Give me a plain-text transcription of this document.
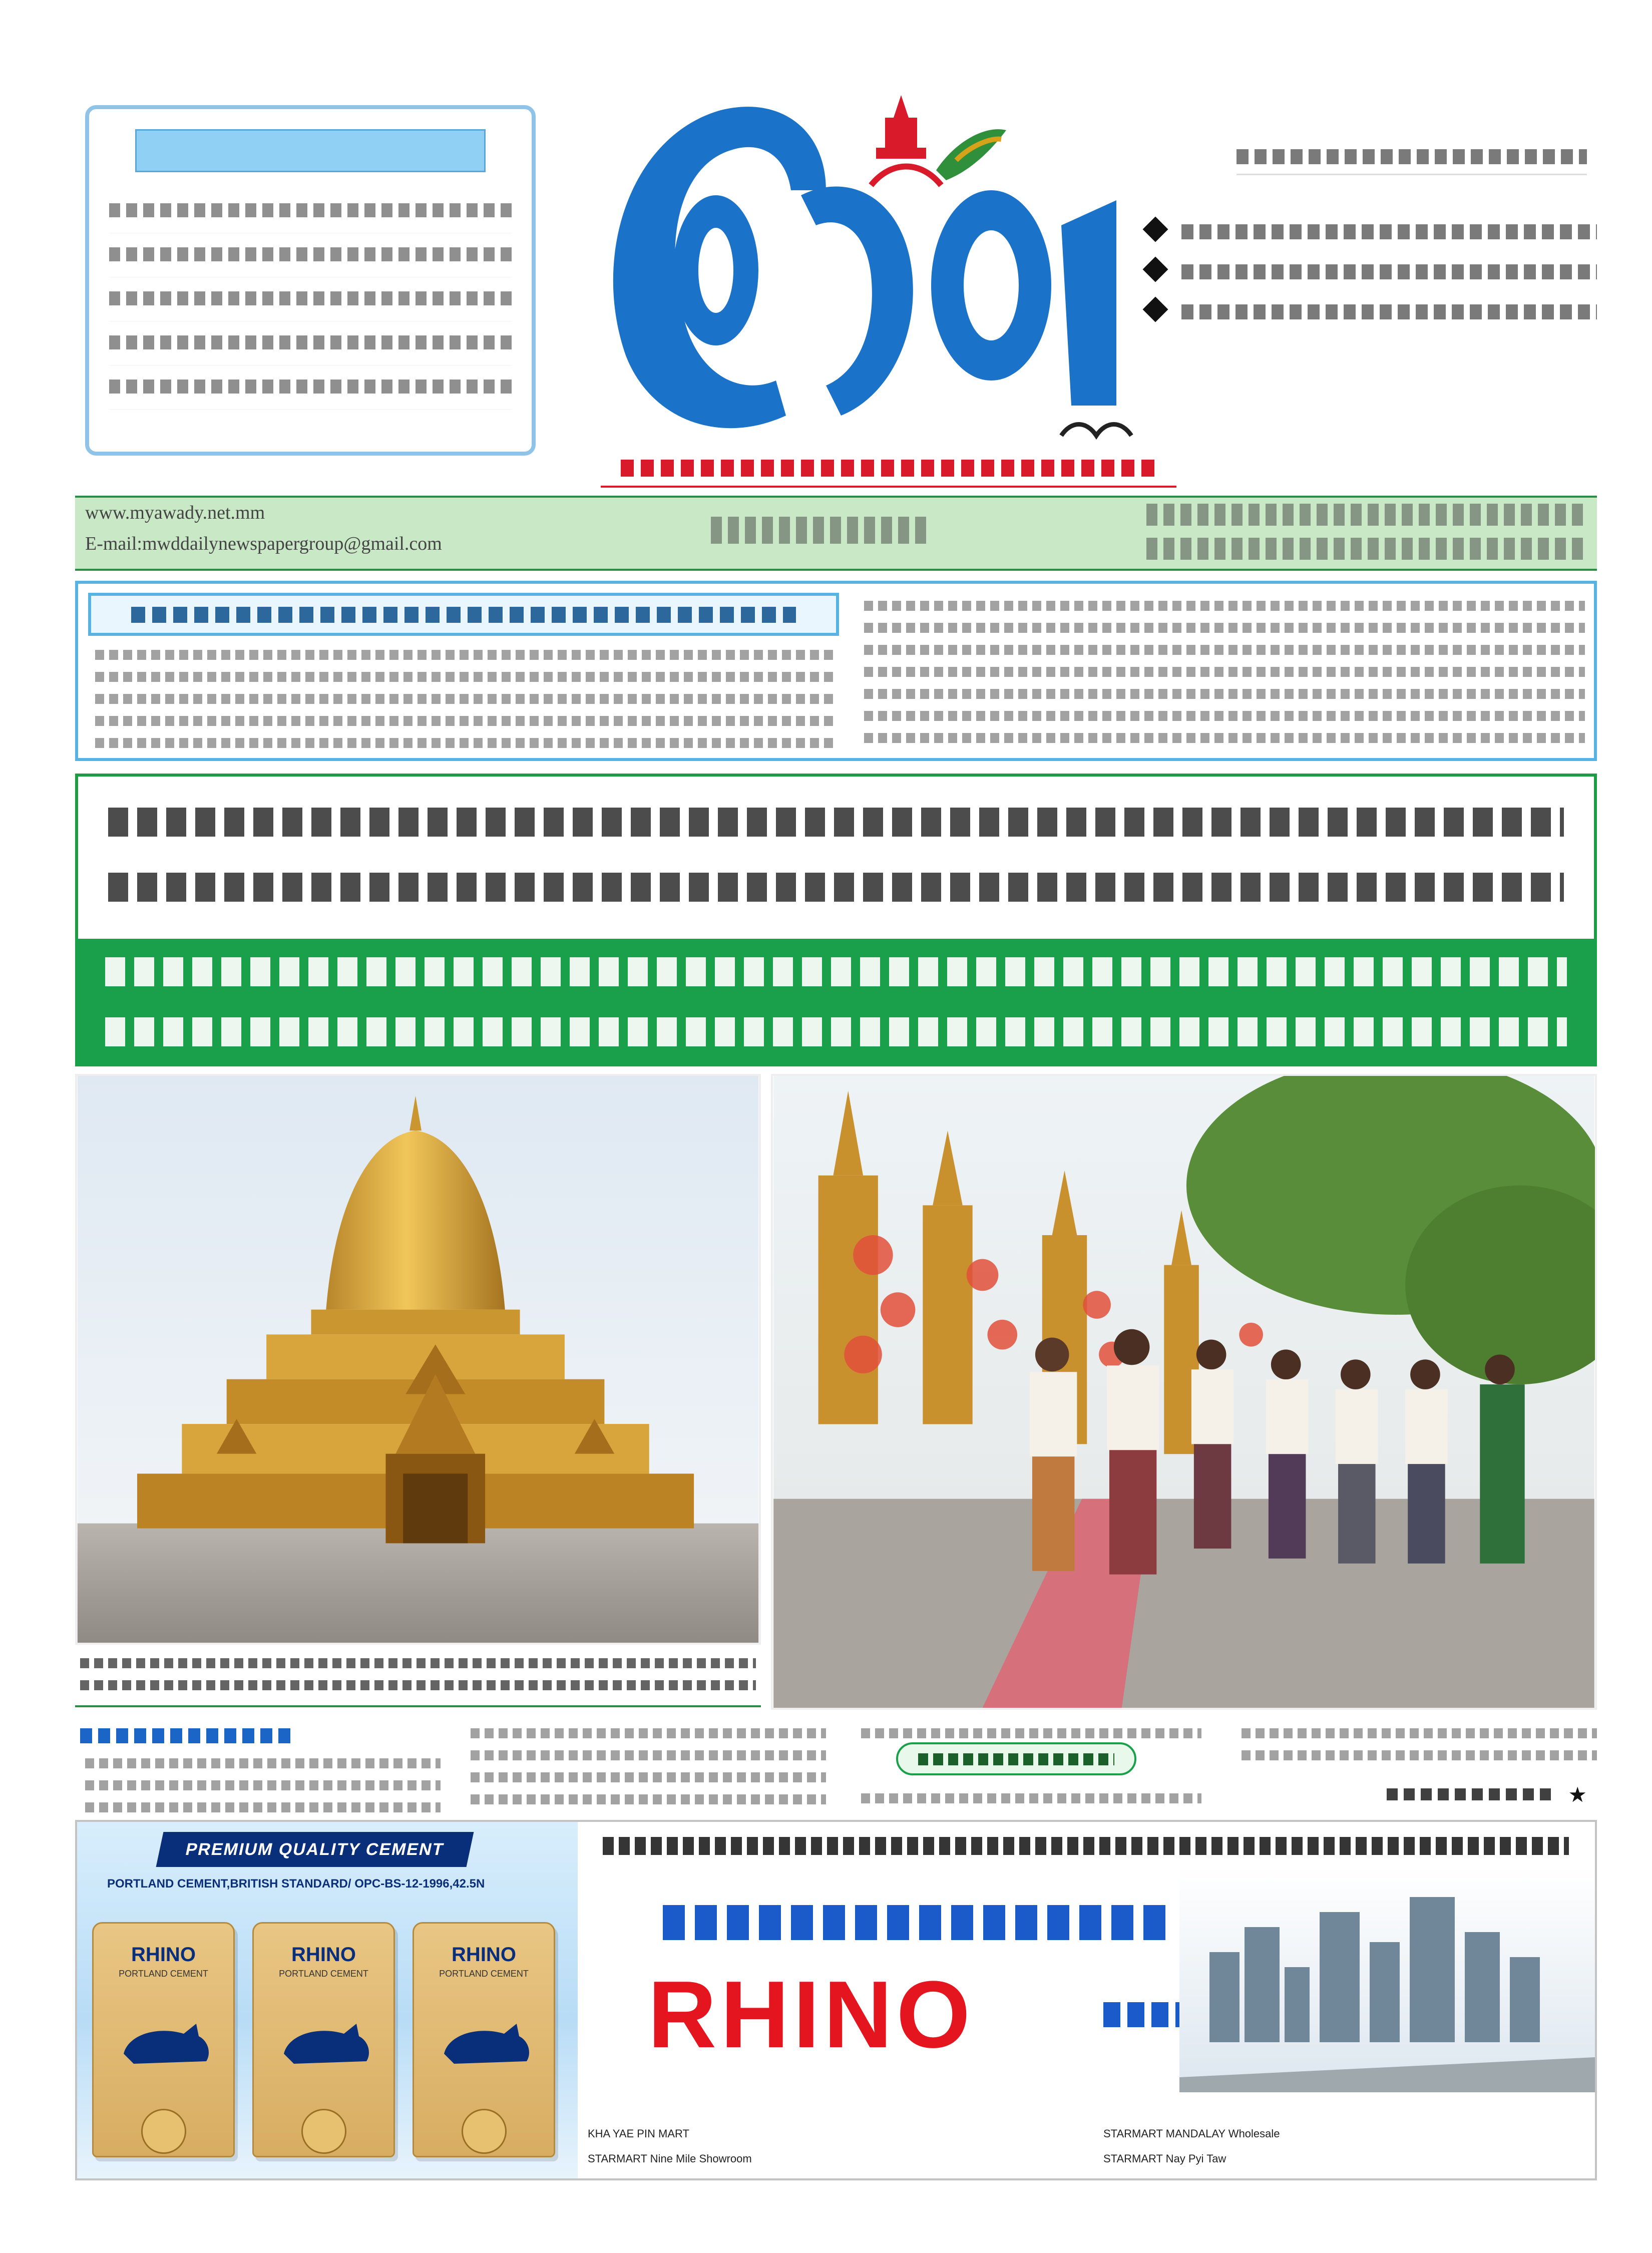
www.myawady.net.mm
E-mail:mwddailynewspapergroup@gmail.com
★
PREMIUM QUALITY CEMENT
PORTLAND CEMENT,BRITISH STANDARD/ OPC-BS-12-1996,42.5N
RHINO
PORTLAND CEMENT
RHINO
PORTLAND CEMENT
RHINO
PORTLAND CEMENT RHINO
KHA YAE PIN MART
STARMART Nine Mile Showroom
STARMART MANDALAY Wholesale
STARMART Nay Pyi Taw
